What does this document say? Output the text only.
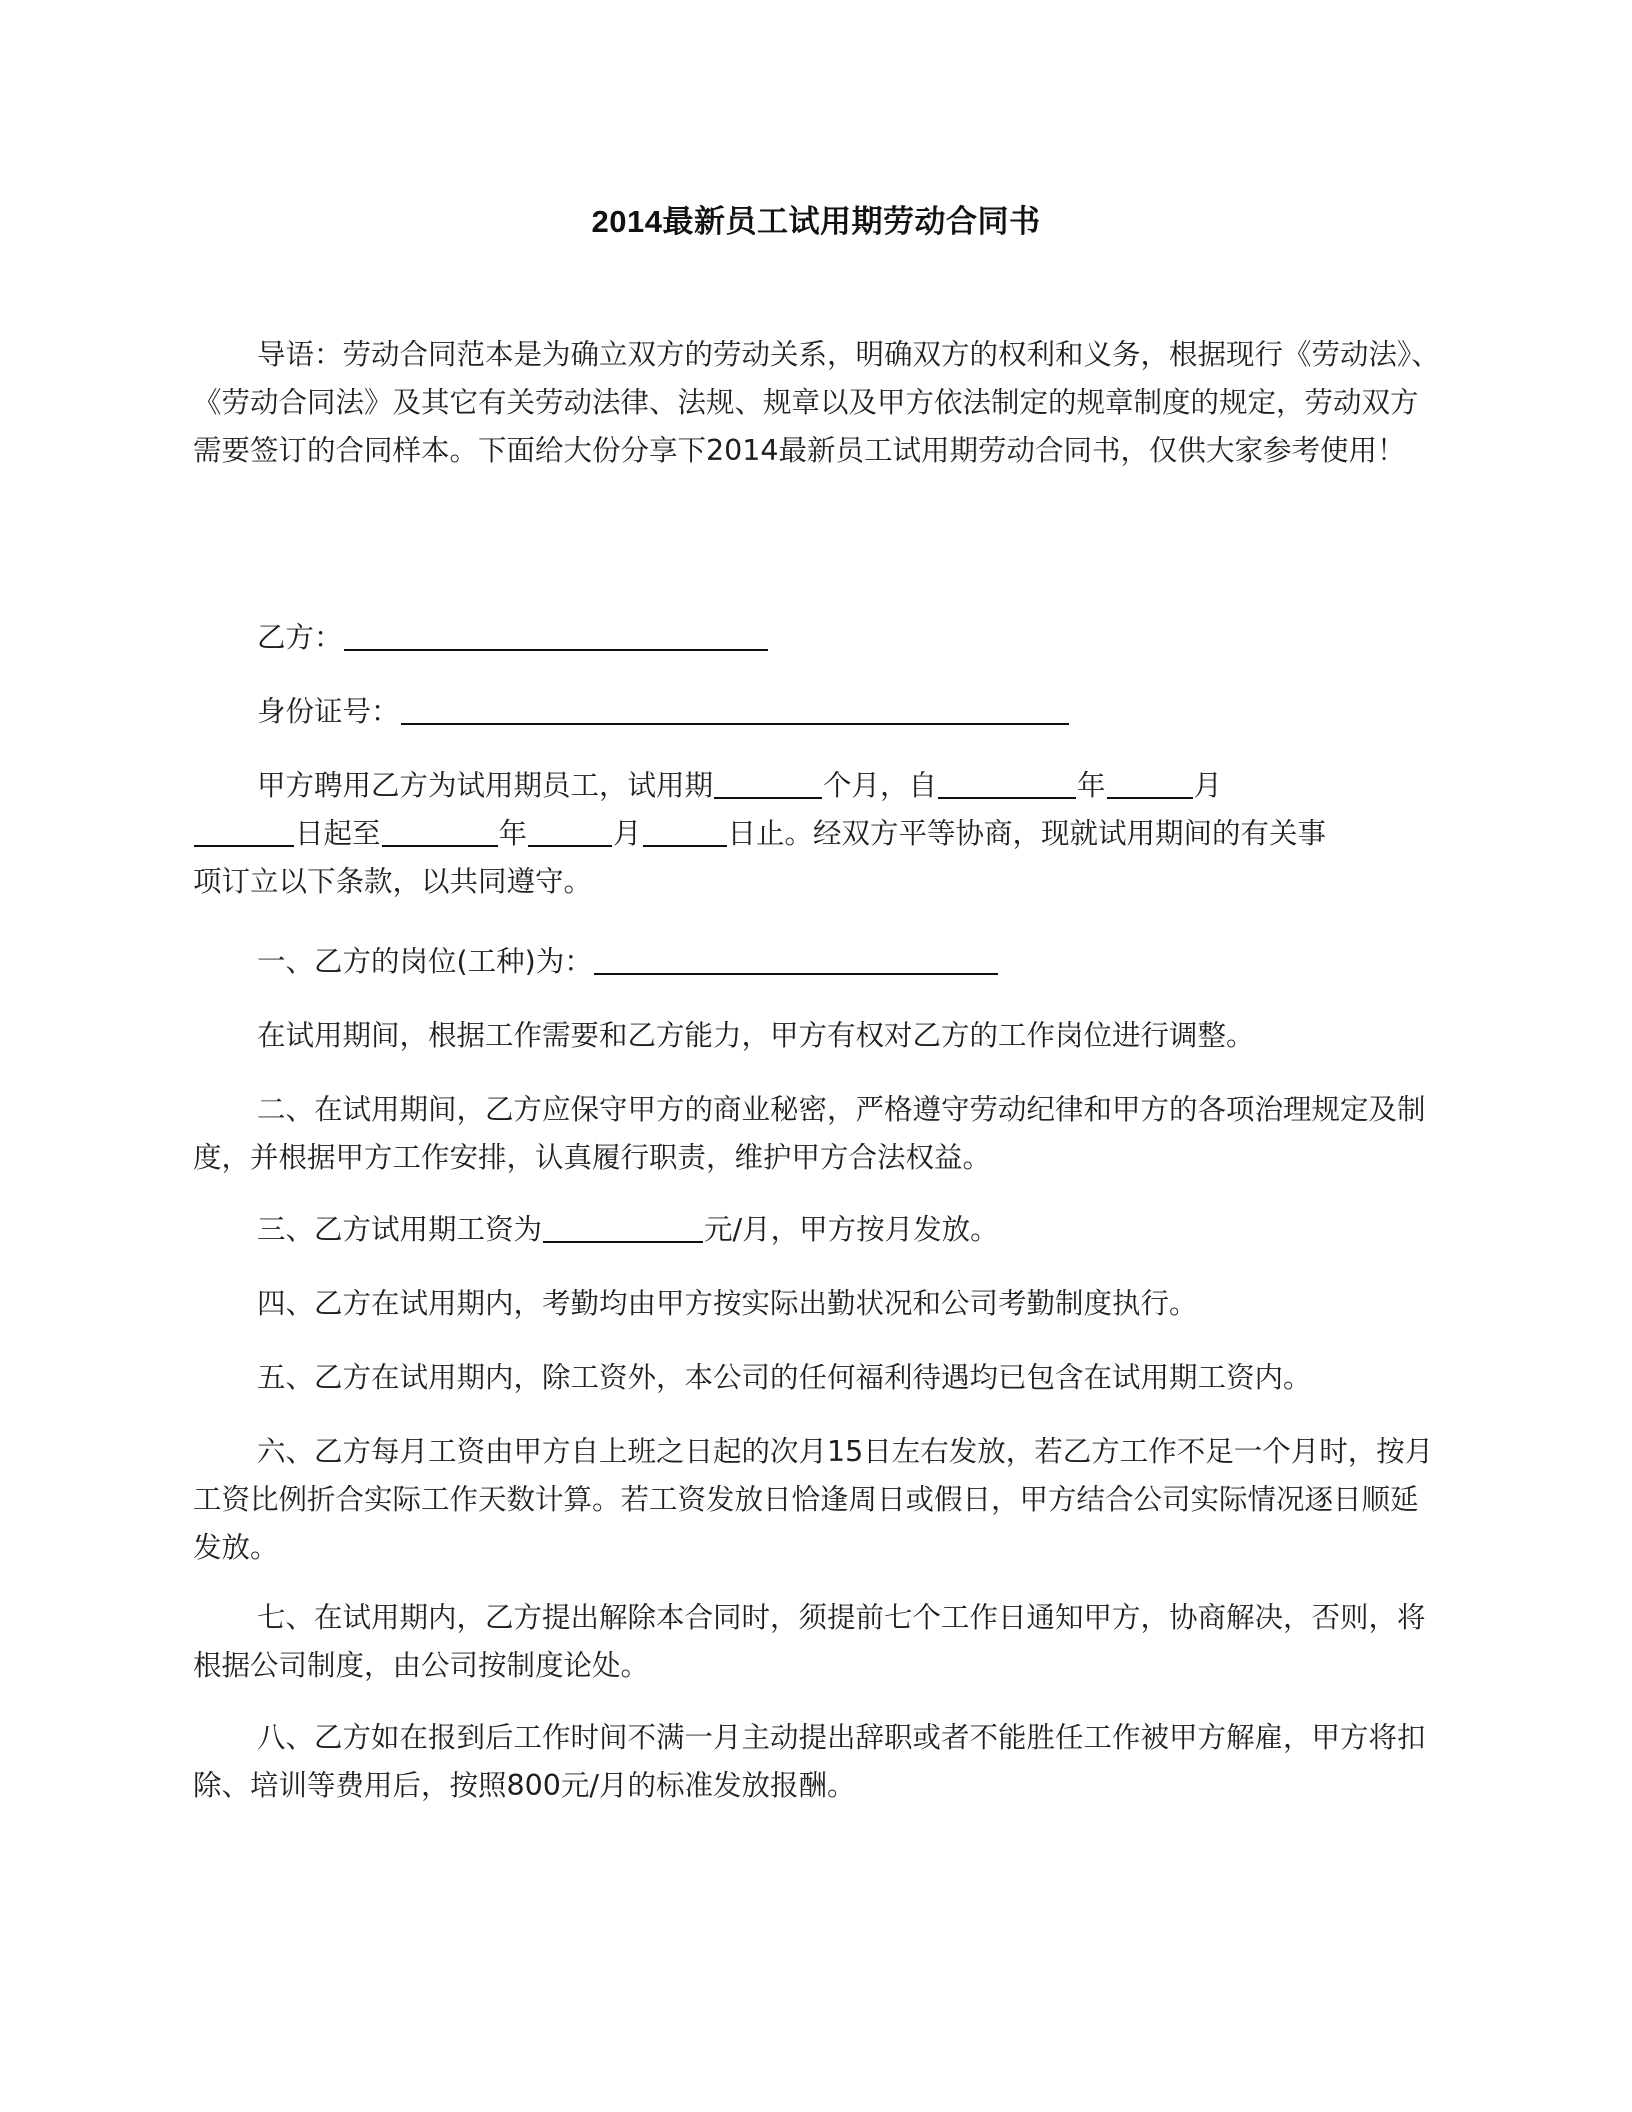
2014最新员工试用期劳动合同书
导语：劳动合同范本是为确立双方的劳动关系，明确双方的权利和义务，根据现行《劳动法》、《劳动合同法》及其它有关劳动法律、法规、规章以及甲方依法制定的规章制度的规定，劳动双方需要签订的合同样本。下面给大份分享下2014最新员工试用期劳动合同书，仅供大家参考使用！
乙方：
身份证号：
甲方聘用乙方为试用期员工，试用期	个月，自	年	月
日起至	年	月	日止。经双方平等协商，现就试用期间的有关事
项订立以下条款，以共同遵守。
一、乙方的岗位(工种)为：
在试用期间，根据工作需要和乙方能力，甲方有权对乙方的工作岗位进行调整。
二、在试用期间，乙方应保守甲方的商业秘密，严格遵守劳动纪律和甲方的各项治理规定及制度，并根据甲方工作安排，认真履行职责，维护甲方合法权益。
三、乙方试用期工资为	元/月，甲方按月发放。
四、乙方在试用期内，考勤均由甲方按实际出勤状况和公司考勤制度执行。
五、乙方在试用期内，除工资外，本公司的任何福利待遇均已包含在试用期工资内。
六、乙方每月工资由甲方自上班之日起的次月15日左右发放，若乙方工作不足一个月时，按月工资比例折合实际工作天数计算。若工资发放日恰逢周日或假日，甲方结合公司实际情况逐日顺延发放。
七、在试用期内，乙方提出解除本合同时，须提前七个工作日通知甲方，协商解决，否则，将根据公司制度，由公司按制度论处。
八、乙方如在报到后工作时间不满一月主动提出辞职或者不能胜任工作被甲方解雇，甲方将扣除、培训等费用后，按照800元/月的标准发放报酬。
